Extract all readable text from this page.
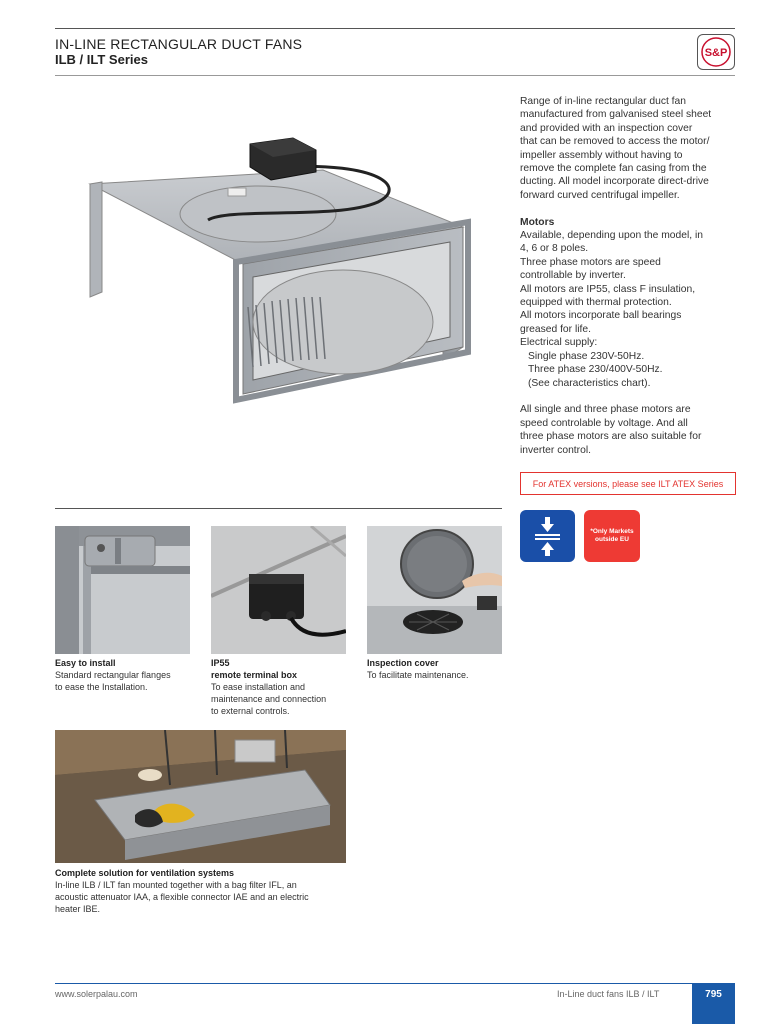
IN-LINE RECTANGULAR DUCT FANS
ILB / ILT Series	S&P

Range of in-line rectangular duct fan

manufactured from galvanised steel sheet

and provided with an inspection cover

that can be removed to access the motor/

impeller assembly without having to

remove the complete fan casing from the

ducting. All model incorporate direct-drive

forward curved centrifugal impeller.

Motors

Available, depending upon the model, in

4, 6 or 8 poles.

Three phase motors are speed

controllable by inverter.

All motors are IP55, class F insulation,

equipped with thermal protection.

All motors incorporate ball bearings

greased for life.

Electrical supply:

Single phase 230V-50Hz.

Three phase 230/400V-50Hz.

(See characteristics chart).

All single and three phase motors are

speed controlable by voltage. And all

three phase motors are also suitable for

inverter control.

For ATEX versions, please see ILT ATEX Series
*Only Markets outside EU
Easy to install
Standard rectangular flanges
to ease the Installation.
IP55
remote terminal box
To ease installation and
maintenance and connection
to external controls.
Inspection cover
To facilitate maintenance.
Complete solution for ventilation systems
In-line ILB / ILT fan mounted together with a bag filter IFL, an
acoustic attenuator IAA, a flexible connector IAE and an electric
heater IBE.
www.solerpalau.com	In-Line duct fans ILB / ILT	795
